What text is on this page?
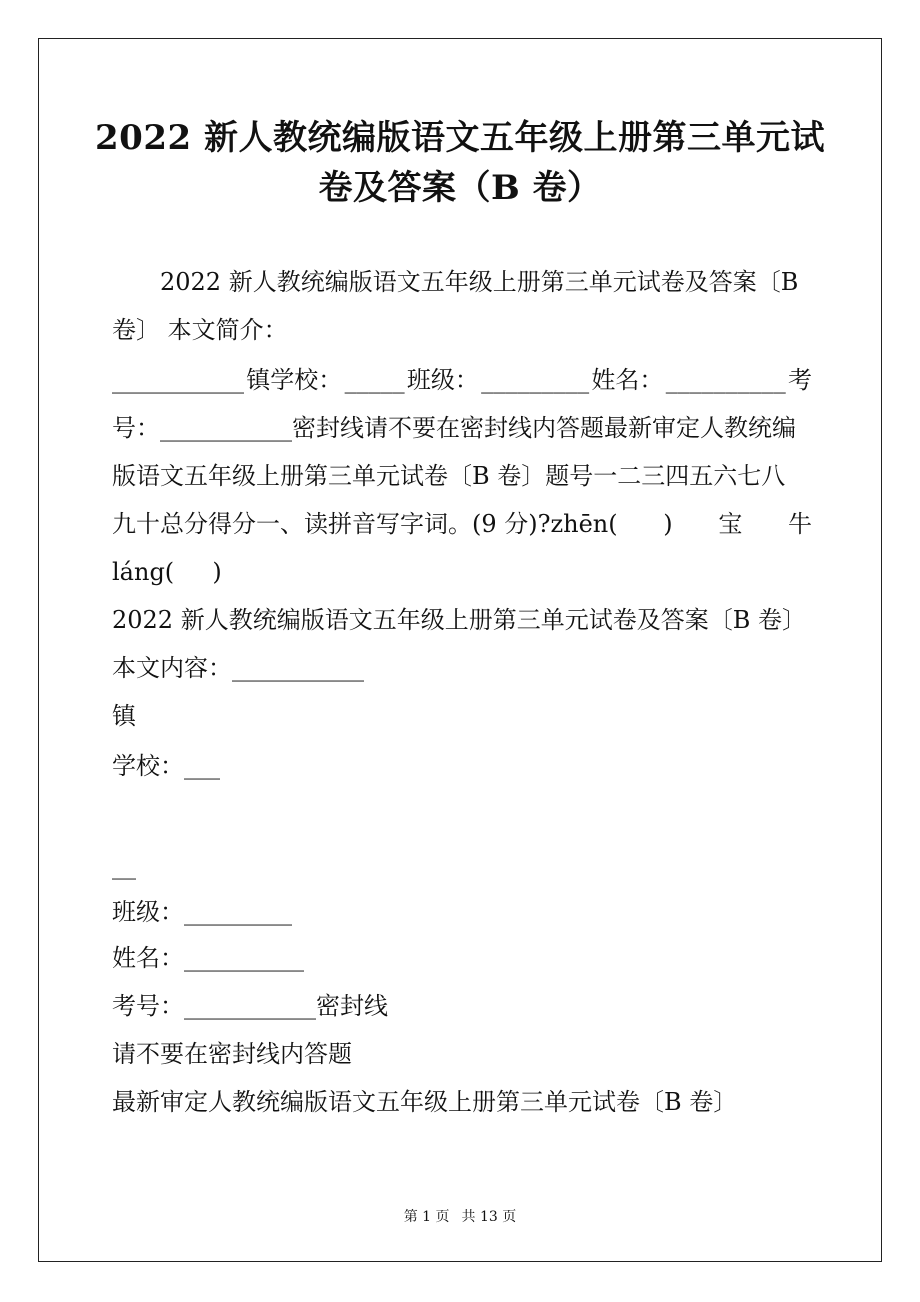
2022 新人教统编版语文五年级上册第三单元试
卷及答案（B 卷）
2022 新人教统编版语文五年级上册第三单元试卷及答案〔B
卷〕 本文简介：
___________ 镇学校： _____ 班级： _________ 姓名： __________ 考
号：___________密封线请不要在密封线内答题最新审定人教统编
版语文五年级上册第三单元试卷〔B 卷〕题号一二三四五六七八
九十总分得分一、读拼音写字词。(9 分)?zhēn( ) 宝 牛
láng(     )
2022 新人教统编版语文五年级上册第三单元试卷及答案〔B 卷〕
本文内容：___________
镇
学校：___
__
班级：_________
姓名：__________
考号：___________密封线
请不要在密封线内答题
最新审定人教统编版语文五年级上册第三单元试卷〔B 卷〕
第 1 页 共 13 页
